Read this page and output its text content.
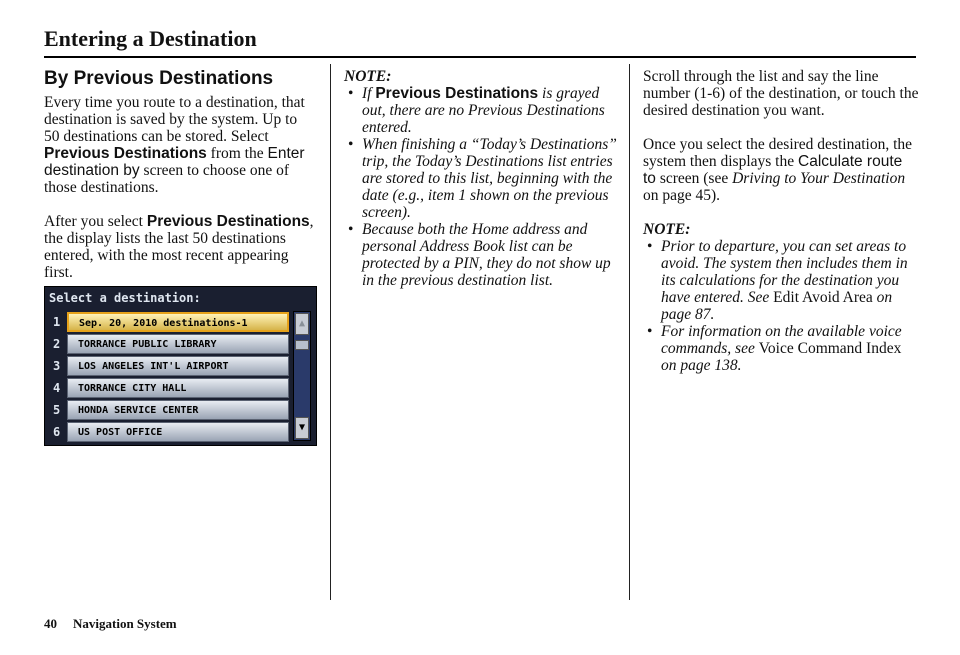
Entering a Destination
By Previous Destinations

Every time you route to a destination, that destination is saved by the system. Up to 50 destinations can be stored. Select Previous Destinations from the Enter destination by screen to choose one of those destinations.

After you select Previous Destinations, the display lists the last 50 destinations entered, with the most recent appearing first.

Select a destination:
1	Sep. 20, 2010 destinations-1
2	TORRANCE PUBLIC LIBRARY
3	LOS ANGELES INT'L AIRPORT
4	TORRANCE CITY HALL
5	HONDA SERVICE CENTER
6	US POST OFFICE
▲
▼

NOTE:

• If Previous Destinations is grayed out, there are no Previous Destinations entered.
• When finishing a “Today’s Destinations” trip, the Today’s Destinations list entries are stored to this list, beginning with the date (e.g., item 1 shown on the previous screen).
• Because both the Home address and personal Address Book list can be protected by a PIN, they do not show up in the previous destination list.

Scroll through the list and say the line number (1-6) of the destination, or touch the desired destination you want.

Once you select the desired destination, the system then displays the Calculate route to screen (see Driving to Your Destination on page 45).

NOTE:

• Prior to departure, you can set areas to avoid. The system then includes them in its calculations for the destination you have entered. See Edit Avoid Area on page 87.
• For information on the available voice commands, see Voice Command Index on page 138.
40 Navigation System
